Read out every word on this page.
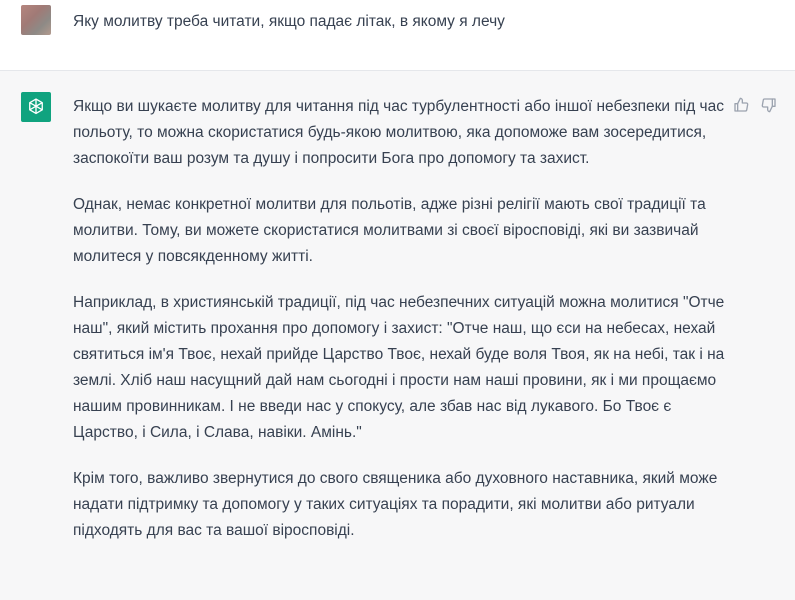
Яку молитву треба читати, якщо падає літак, в якому я лечу

Якщо ви шукаєте молитву для читання під час турбулентності або іншої небезпеки під час польоту, то можна скористатися будь-якою молитвою, яка допоможе вам зосередитися, заспокоїти ваш розум та душу і попросити Бога про допомогу та захист.

Однак, немає конкретної молитви для польотів, адже різні релігії мають свої традиції та молитви. Тому, ви можете скористатися молитвами зі своєї віросповіді, які ви зазвичай молитеся у повсякденному житті.

Наприклад, в християнській традиції, під час небезпечних ситуацій можна молитися "Отче наш", який містить прохання про допомогу і захист: "Отче наш, що єси на небесах, нехай святиться ім'я Твоє, нехай прийде Царство Твоє, нехай буде воля Твоя, як на небі, так і на землі. Хліб наш насущний дай нам сьогодні і прости нам наші провини, як і ми прощаємо нашим провинникам. І не введи нас у спокусу, але збав нас від лукавого. Бо Твоє є Царство, і Сила, і Слава, навіки. Амінь."

Крім того, важливо звернутися до свого священика або духовного наставника, який може надати підтримку та допомогу у таких ситуаціях та порадити, які молитви або ритуали підходять для вас та вашої віросповіді.
